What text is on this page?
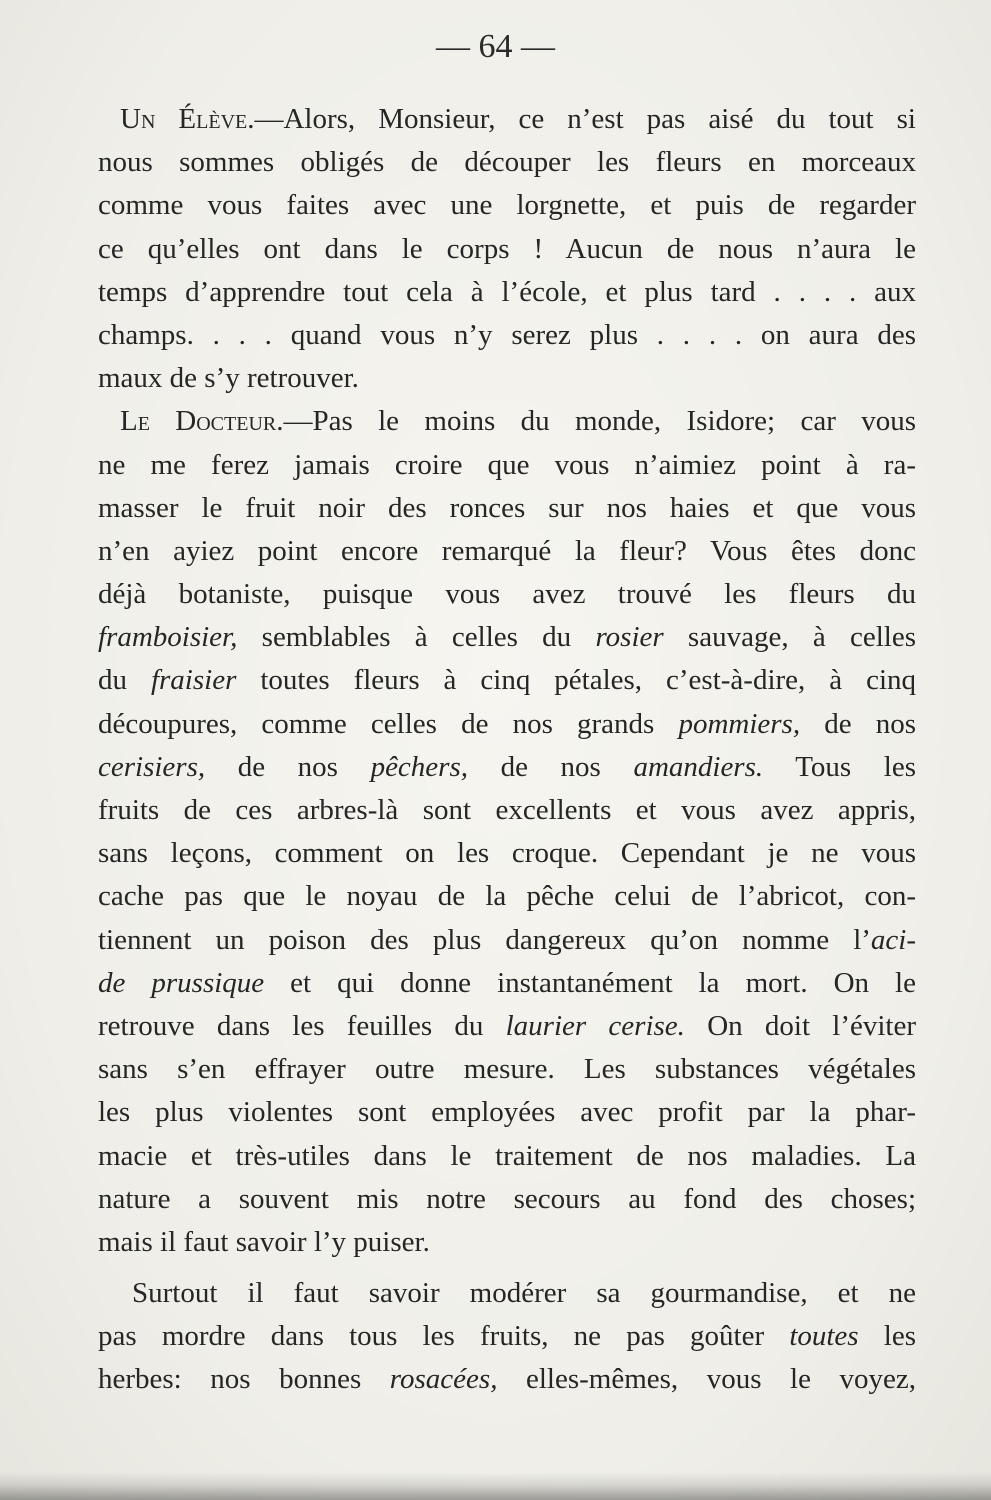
— 64 —
Un Élève.—Alors, Monsieur, ce n’est pas aisé du tout si
nous sommes obligés de découper les fleurs en morceaux
comme vous faites avec une lorgnette, et puis de regarder
ce qu’elles ont dans le corps ! Aucun de nous n’aura le
temps d’apprendre tout cela à l’école, et plus tard . . . . aux
champs. . . . quand vous n’y serez plus . . . . on aura des
maux de s’y retrouver.
Le Docteur.—Pas le moins du monde, Isidore; car vous
ne me ferez jamais croire que vous n’aimiez point à ra-
masser le fruit noir des ronces sur nos haies et que vous
n’en ayiez point encore remarqué la fleur? Vous êtes donc
déjà botaniste, puisque vous avez trouvé les fleurs du
framboisier, semblables à celles du rosier sauvage, à celles
du fraisier toutes fleurs à cinq pétales, c’est-à-dire, à cinq
découpures, comme celles de nos grands pommiers, de nos
cerisiers, de nos pêchers, de nos amandiers. Tous les
fruits de ces arbres-là sont excellents et vous avez appris,
sans leçons, comment on les croque. Cependant je ne vous
cache pas que le noyau de la pêche celui de l’abricot, con-
tiennent un poison des plus dangereux qu’on nomme l’aci-
de prussique et qui donne instantanément la mort. On le
retrouve dans les feuilles du laurier cerise. On doit l’éviter
sans s’en effrayer outre mesure. Les substances végétales
les plus violentes sont employées avec profit par la phar-
macie et très-utiles dans le traitement de nos maladies. La
nature a souvent mis notre secours au fond des choses;
mais il faut savoir l’y puiser.
Surtout il faut savoir modérer sa gourmandise, et ne
pas mordre dans tous les fruits, ne pas goûter toutes les
herbes: nos bonnes rosacées, elles-mêmes, vous le voyez,
